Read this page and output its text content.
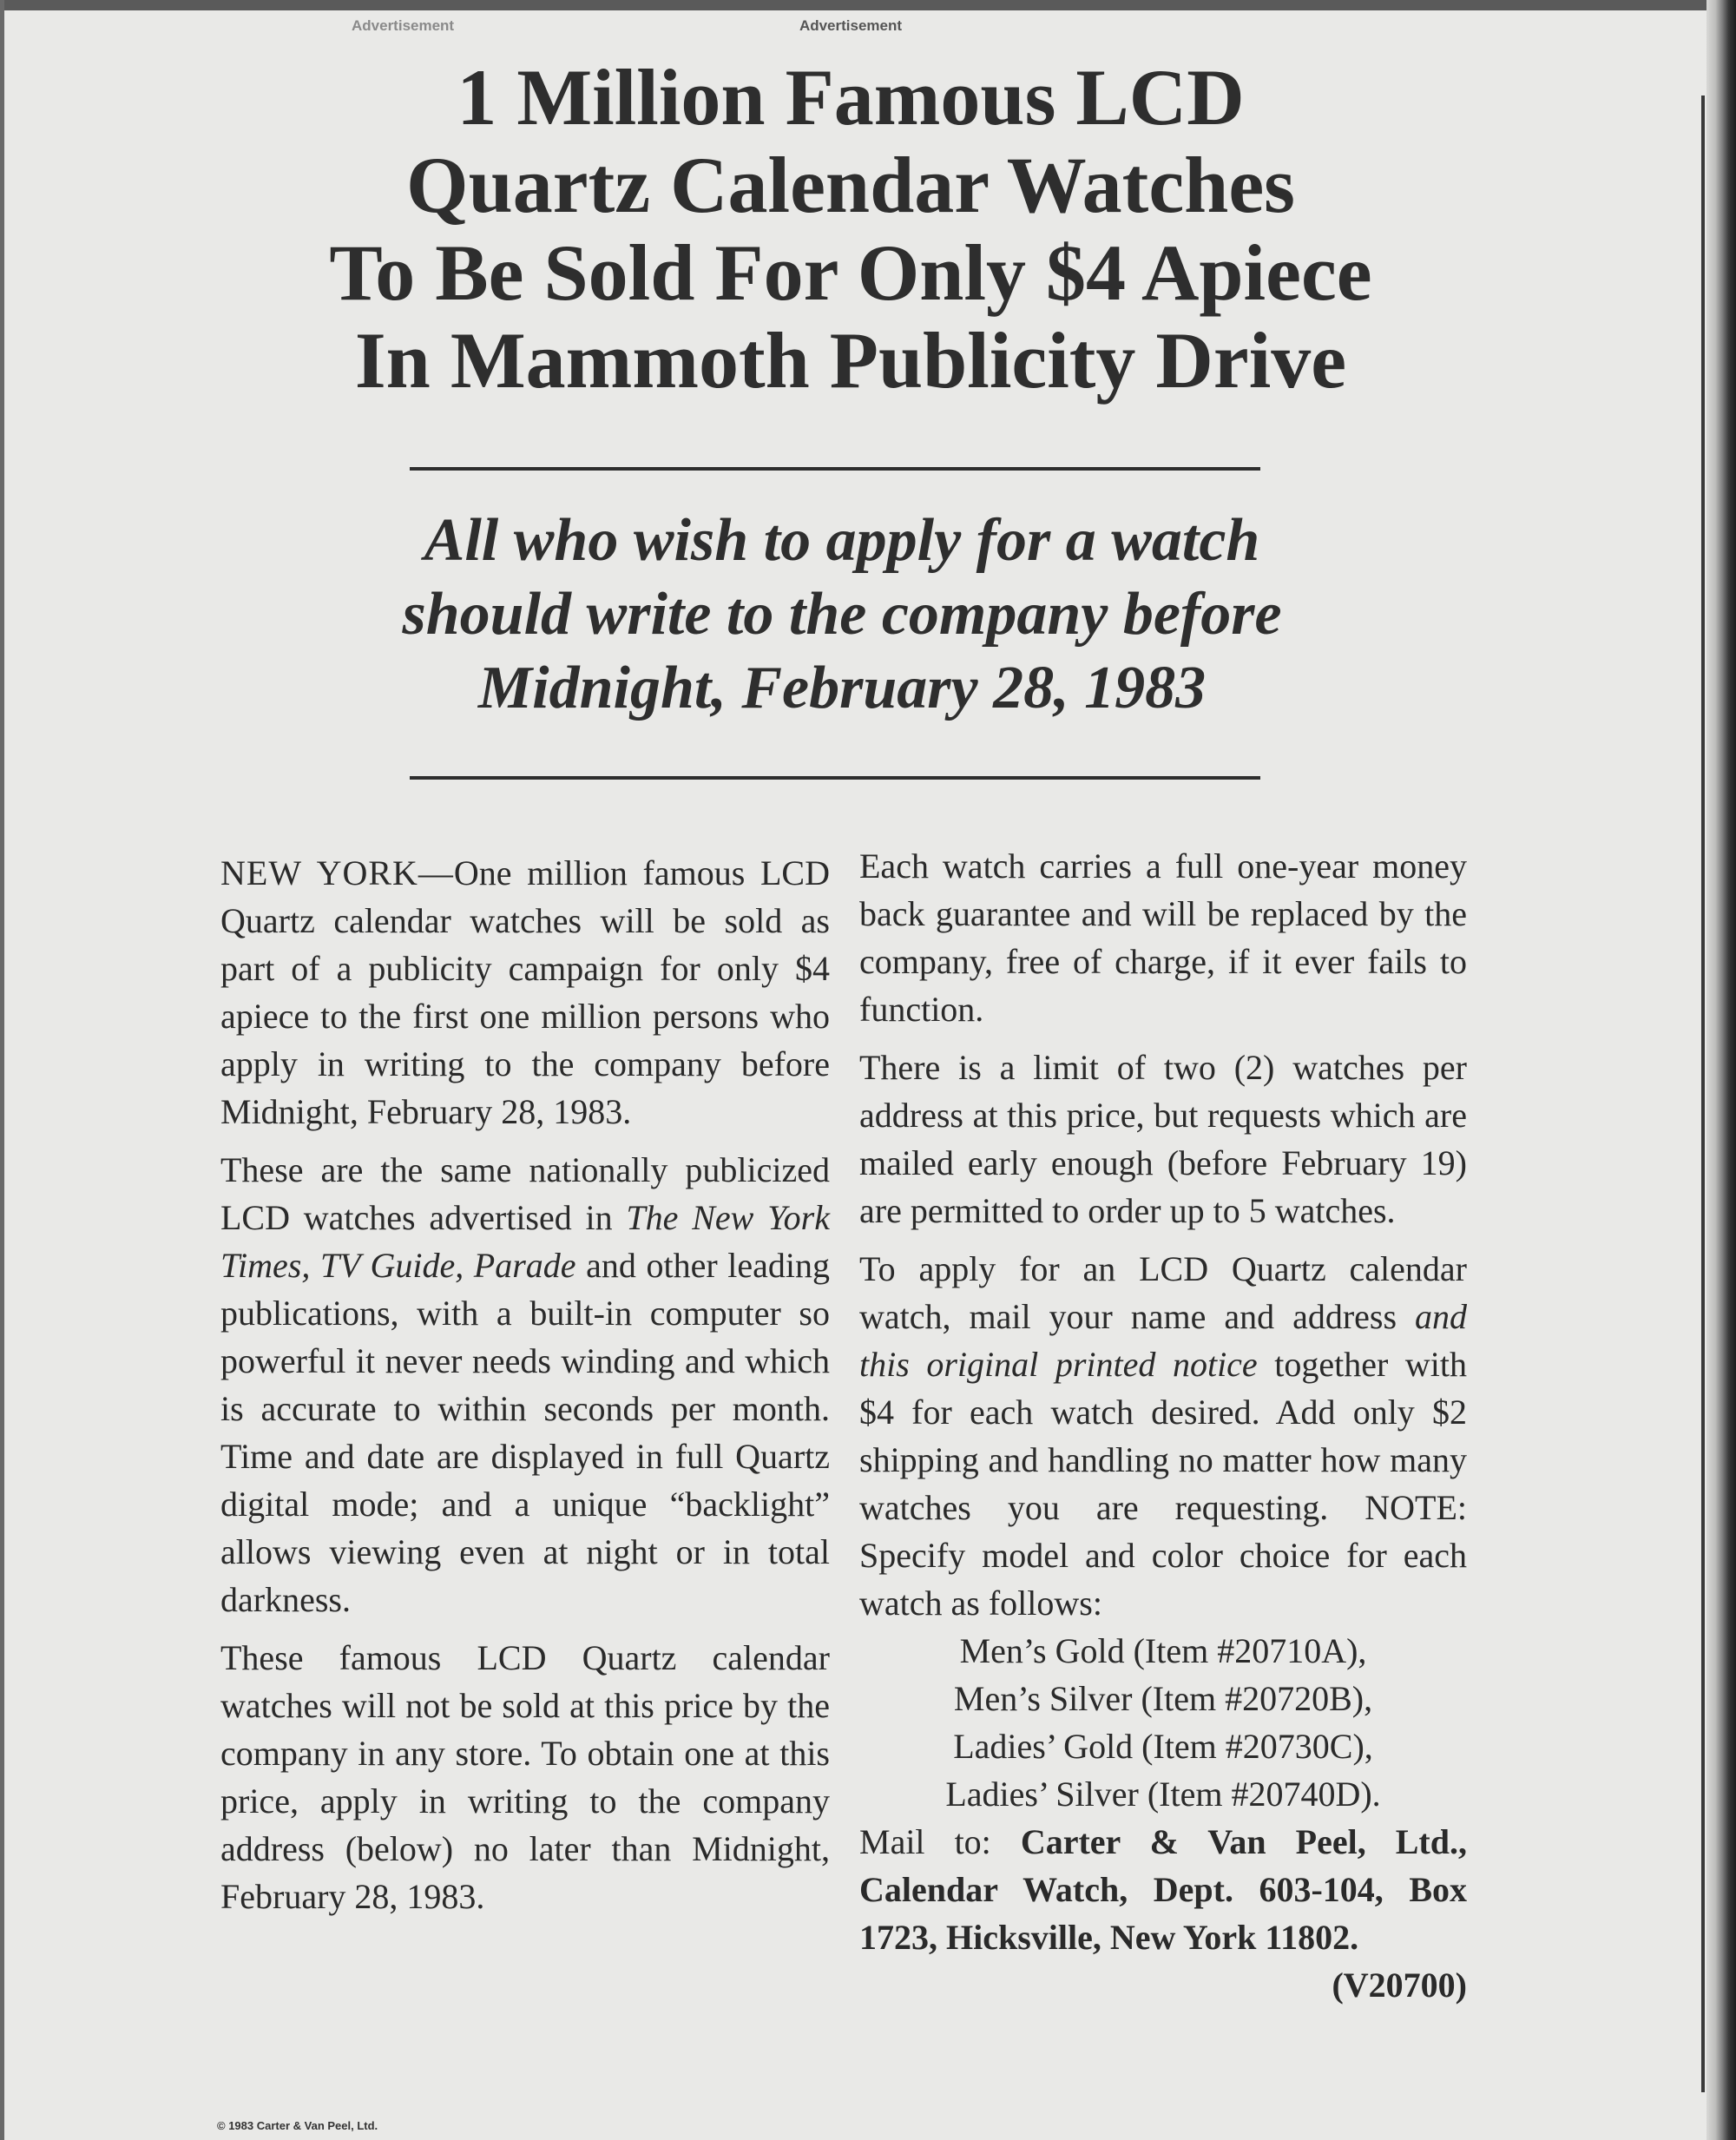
Advertisement	Advertisement
1 Million Famous LCD
Quartz Calendar Watches
To Be Sold For Only $4 Apiece
In Mammoth Publicity Drive
All who wish to apply for a watch
should write to the company before
Midnight, February 28, 1983

NEW YORK—One million famous LCD Quartz calendar watches will be sold as part of a publicity campaign for only $4 apiece to the first one million persons who apply in writing to the company before Midnight, February 28, 1983.

These are the same nationally publicized LCD watches advertised in The New York Times, TV Guide, Parade and other leading publications, with a built-in computer so powerful it never needs winding and which is accurate to within seconds per month. Time and date are displayed in full Quartz digital mode; and a unique “backlight” allows viewing even at night or in total darkness.

These famous LCD Quartz calendar watches will not be sold at this price by the company in any store. To obtain one at this price, apply in writing to the company address (below) no later than Midnight, February 28, 1983.

Each watch carries a full one-year money back guarantee and will be replaced by the company, free of charge, if it ever fails to function.

There is a limit of two (2) watches per address at this price, but requests which are mailed early enough (before February 19) are permitted to order up to 5 watches.

To apply for an LCD Quartz calendar watch, mail your name and address and this original printed notice together with $4 for each watch desired. Add only $2 shipping and handling no matter how many watches you are requesting. NOTE: Specify model and color choice for each watch as follows:

Men’s Gold (Item #20710A),
Men’s Silver (Item #20720B),
Ladies’ Gold (Item #20730C),
Ladies’ Silver (Item #20740D).

Mail to: Carter & Van Peel, Ltd., Calendar Watch, Dept. 603-104, Box 1723, Hicksville, New York 11802.

(V20700)
© 1983 Carter & Van Peel, Ltd.
